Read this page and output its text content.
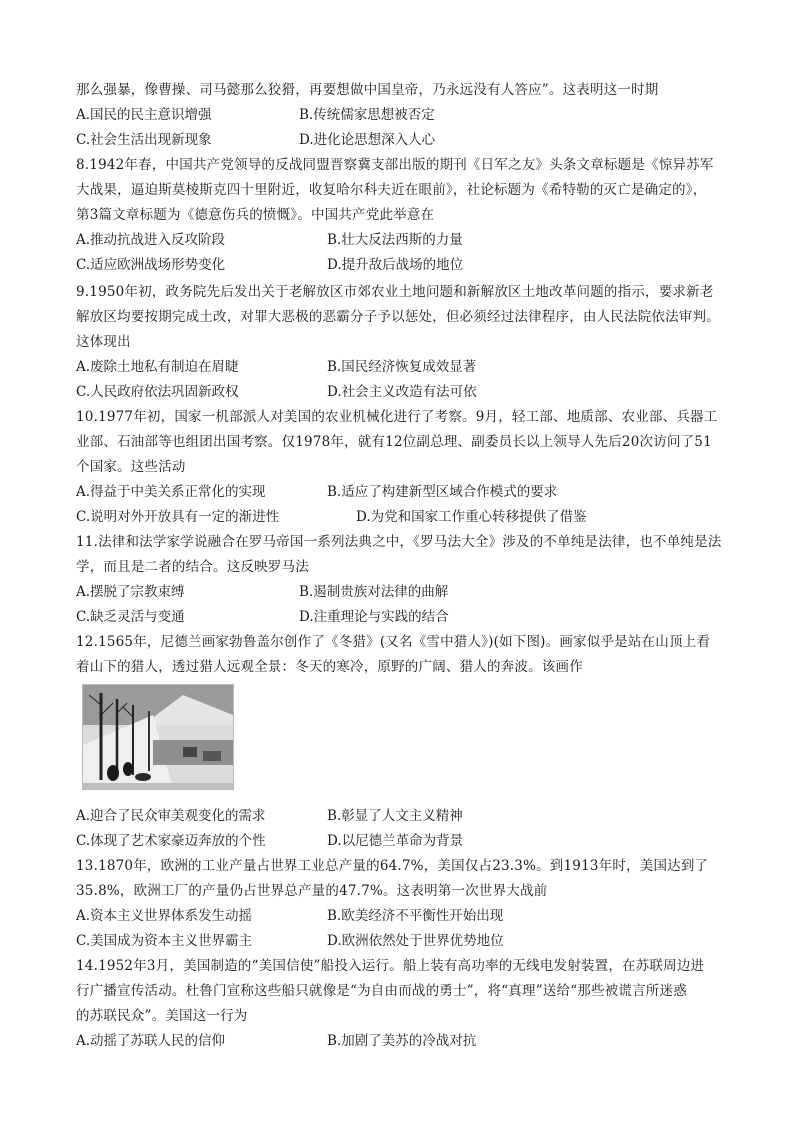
那么强暴，像曹操、司马懿那么狡猾，再要想做中国皇帝，乃永远没有人答应”。这表明这一时期
A.国民的民主意识增强	B.传统儒家思想被否定
C.社会生活出现新现象	D.进化论思想深入人心
8.1942年春，中国共产党领导的反战同盟晋察冀支部出版的期刊《日军之友》头条文章标题是《惊异苏军
大战果，逼迫斯莫棱斯克四十里附近，收复哈尔科夫近在眼前》，社论标题为《希特勒的灭亡是确定的》，
第3篇文章标题为《德意伤兵的愤慨》。中国共产党此举意在
A.推动抗战进入反攻阶段	B.壮大反法西斯的力量
C.适应欧洲战场形势变化	D.提升敌后战场的地位
9.1950年初，政务院先后发出关于老解放区市郊农业土地问题和新解放区土地改革问题的指示，要求新老
解放区均要按期完成土改，对罪大恶极的恶霸分子予以惩处，但必须经过法律程序，由人民法院依法审判。
这体现出
A.废除土地私有制迫在眉睫	B.国民经济恢复成效显著
C.人民政府依法巩固新政权	D.社会主义改造有法可依
10.1977年初，国家一机部派人对美国的农业机械化进行了考察。9月，轻工部、地质部、农业部、兵器工
业部、石油部等也组团出国考察。仅1978年，就有12位副总理、副委员长以上领导人先后20次访问了51
个国家。这些活动
A.得益于中美关系正常化的实现	B.适应了构建新型区域合作模式的要求
C.说明对外开放具有一定的渐进性	D.为党和国家工作重心转移提供了借鉴
11.法律和法学家学说融合在罗马帝国一系列法典之中，《罗马法大全》涉及的不单纯是法律，也不单纯是法
学，而且是二者的结合。这反映罗马法
A.摆脱了宗教束缚	B.遏制贵族对法律的曲解
C.缺乏灵活与变通	D.注重理论与实践的结合
12.1565年，尼德兰画家勃鲁盖尔创作了《冬猎》(又名《雪中猎人》)(如下图)。画家似乎是站在山顶上看
着山下的猎人，透过猎人远观全景：冬天的寒冷，原野的广阔、猎人的奔波。该画作
A.迎合了民众审美观变化的需求	B.彰显了人文主义精神
C.体现了艺术家豪迈奔放的个性	D.以尼德兰革命为背景
13.1870年，欧洲的工业产量占世界工业总产量的64.7%，美国仅占23.3%。到1913年时，美国达到了
35.8%，欧洲工厂的产量仍占世界总产量的47.7%。这表明第一次世界大战前
A.资本主义世界体系发生动摇	B.欧美经济不平衡性开始出现
C.美国成为资本主义世界霸主	D.欧洲依然处于世界优势地位
14.1952年3月，美国制造的“美国信使”船投入运行。船上装有高功率的无线电发射装置，在苏联周边进
行广播宣传活动。杜鲁门宣称这些船只就像是“为自由而战的勇士”，将“真理”送给“那些被谎言所迷惑
的苏联民众”。美国这一行为
A.动摇了苏联人民的信仰	B.加剧了美苏的冷战对抗
